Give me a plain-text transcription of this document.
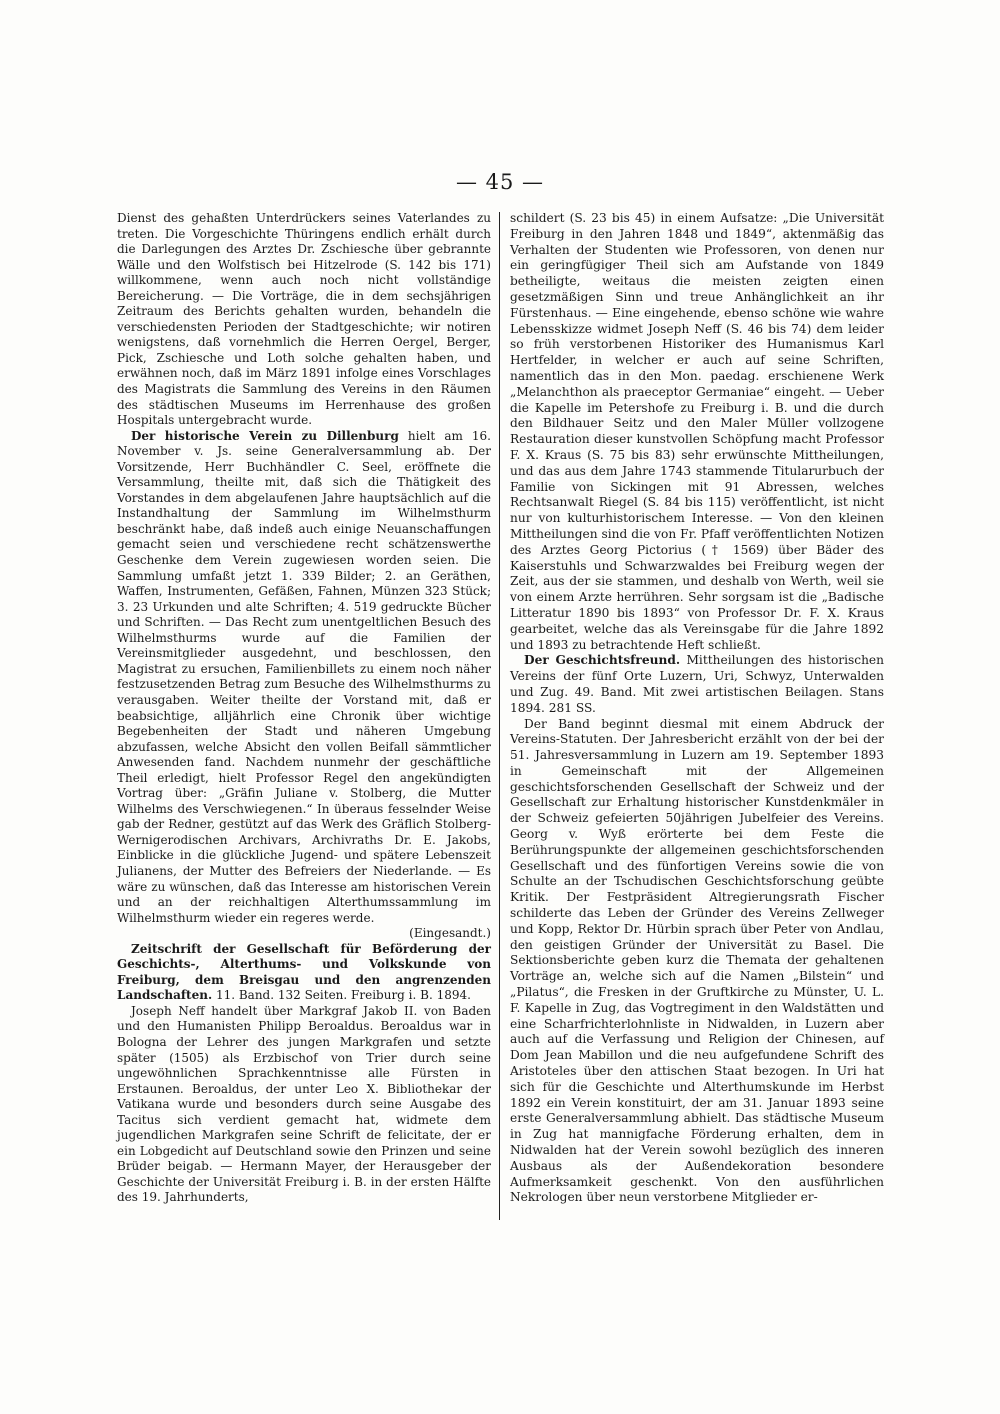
— 45 —

Dienst des gehaßten Unterdrückers seines Vaterlandes zu treten. Die Vorgeschichte Thüringens endlich erhält durch die Darlegungen des Arztes Dr. Zschiesche über gebrannte Wälle und den Wolfstisch bei Hitzelrode (S. 142 bis 171) willkommene, wenn auch noch nicht vollständige Bereicherung. — Die Vorträge, die in dem sechsjährigen Zeitraum des Berichts gehalten wurden, behandeln die verschiedensten Perioden der Stadtgeschichte; wir notiren wenigstens, daß vornehmlich die Herren Oergel, Berger, Pick, Zschiesche und Loth solche gehalten haben, und erwähnen noch, daß im März 1891 infolge eines Vorschlages des Magistrats die Sammlung des Vereins in den Räumen des städtischen Museums im Herrenhause des großen Hospitals untergebracht wurde.

Der historische Verein zu Dillenburg hielt am 16. November v. Js. seine Generalversammlung ab. Der Vorsitzende, Herr Buchhändler C. Seel, eröffnete die Versammlung, theilte mit, daß sich die Thätigkeit des Vorstandes in dem abgelaufenen Jahre hauptsächlich auf die Instandhaltung der Sammlung im Wilhelmsthurm beschränkt habe, daß indeß auch einige Neuanschaffungen gemacht seien und verschiedene recht schätzenswerthe Geschenke dem Verein zugewiesen worden seien. Die Sammlung umfaßt jetzt 1. 339 Bilder; 2. an Geräthen, Waffen, Instrumenten, Gefäßen, Fahnen, Münzen 323 Stück; 3. 23 Urkunden und alte Schriften; 4. 519 gedruckte Bücher und Schriften. — Das Recht zum unentgeltlichen Besuch des Wilhelmsthurms wurde auf die Familien der Vereinsmitglieder ausgedehnt, und beschlossen, den Magistrat zu ersuchen, Familienbillets zu einem noch näher festzusetzenden Betrag zum Besuche des Wilhelmsthurms zu verausgaben. Weiter theilte der Vorstand mit, daß er beabsichtige, alljährlich eine Chronik über wichtige Begebenheiten der Stadt und näheren Umgebung abzufassen, welche Absicht den vollen Beifall sämmtlicher Anwesenden fand. Nachdem nunmehr der geschäftliche Theil erledigt, hielt Professor Regel den angekündigten Vortrag über: „Gräfin Juliane v. Stolberg, die Mutter Wilhelms des Verschwiegenen.“ In überaus fesselnder Weise gab der Redner, gestützt auf das Werk des Gräflich Stolberg-Wernigerodischen Archivars, Archivraths Dr. E. Jakobs, Einblicke in die glückliche Jugend- und spätere Lebenszeit Julianens, der Mutter des Befreiers der Niederlande. — Es wäre zu wünschen, daß das Interesse am historischen Verein und an der reichhaltigen Alterthumssammlung im Wilhelmsthurm wieder ein regeres werde.

(Eingesandt.)

Zeitschrift der Gesellschaft für Beförderung der Geschichts-, Alterthums- und Volkskunde von Freiburg, dem Breisgau und den angrenzenden Landschaften. 11. Band. 132 Seiten. Freiburg i. B. 1894.

Joseph Neff handelt über Markgraf Jakob II. von Baden und den Humanisten Philipp Beroaldus. Beroaldus war in Bologna der Lehrer des jungen Markgrafen und setzte später (1505) als Erzbischof von Trier durch seine ungewöhnlichen Sprachkenntnisse alle Fürsten in Erstaunen. Beroaldus, der unter Leo X. Bibliothekar der Vatikana wurde und besonders durch seine Ausgabe des Tacitus sich verdient gemacht hat, widmete dem jugendlichen Markgrafen seine Schrift de felicitate, der er ein Lobgedicht auf Deutschland sowie den Prinzen und seine Brüder beigab. — Hermann Mayer, der Herausgeber der Geschichte der Universität Freiburg i. B. in der ersten Hälfte des 19. Jahrhunderts,

schildert (S. 23 bis 45) in einem Aufsatze: „Die Universität Freiburg in den Jahren 1848 und 1849“, aktenmäßig das Verhalten der Studenten wie Professoren, von denen nur ein geringfügiger Theil sich am Aufstande von 1849 betheiligte, weitaus die meisten zeigten einen gesetzmäßigen Sinn und treue Anhänglichkeit an ihr Fürstenhaus. — Eine eingehende, ebenso schöne wie wahre Lebensskizze widmet Joseph Neff (S. 46 bis 74) dem leider so früh verstorbenen Historiker des Humanismus Karl Hertfelder, in welcher er auch auf seine Schriften, namentlich das in den Mon. paedag. erschienene Werk „Melanchthon als praeceptor Germaniae“ eingeht. — Ueber die Kapelle im Petershofe zu Freiburg i. B. und die durch den Bildhauer Seitz und den Maler Müller vollzogene Restauration dieser kunstvollen Schöpfung macht Professor F. X. Kraus (S. 75 bis 83) sehr erwünschte Mittheilungen, und das aus dem Jahre 1743 stammende Titularurbuch der Familie von Sickingen mit 91 Abressen, welches Rechtsanwalt Riegel (S. 84 bis 115) veröffentlicht, ist nicht nur von kulturhistorischem Interesse. — Von den kleinen Mittheilungen sind die von Fr. Pfaff veröffentlichten Notizen des Arztes Georg Pictorius († 1569) über Bäder des Kaiserstuhls und Schwarzwaldes bei Freiburg wegen der Zeit, aus der sie stammen, und deshalb von Werth, weil sie von einem Arzte herrühren. Sehr sorgsam ist die „Badische Litteratur 1890 bis 1893“ von Professor Dr. F. X. Kraus gearbeitet, welche das als Vereinsgabe für die Jahre 1892 und 1893 zu betrachtende Heft schließt.

Der Geschichtsfreund. Mittheilungen des historischen Vereins der fünf Orte Luzern, Uri, Schwyz, Unterwalden und Zug. 49. Band. Mit zwei artistischen Beilagen. Stans 1894. 281 SS.

Der Band beginnt diesmal mit einem Abdruck der Vereins-Statuten. Der Jahresbericht erzählt von der bei der 51. Jahresversammlung in Luzern am 19. September 1893 in Gemeinschaft mit der Allgemeinen geschichtsforschenden Gesellschaft der Schweiz und der Gesellschaft zur Erhaltung historischer Kunstdenkmäler in der Schweiz gefeierten 50jährigen Jubelfeier des Vereins. Georg v. Wyß erörterte bei dem Feste die Berührungspunkte der allgemeinen geschichtsforschenden Gesellschaft und des fünfortigen Vereins sowie die von Schulte an der Tschudischen Geschichtsforschung geübte Kritik. Der Festpräsident Altregierungsrath Fischer schilderte das Leben der Gründer des Vereins Zellweger und Kopp, Rektor Dr. Hürbin sprach über Peter von Andlau, den geistigen Gründer der Universität zu Basel. Die Sektionsberichte geben kurz die Themata der gehaltenen Vorträge an, welche sich auf die Namen „Bilstein“ und „Pilatus“, die Fresken in der Gruftkirche zu Münster, U. L. F. Kapelle in Zug, das Vogtregiment in den Waldstätten und eine Scharfrichterlohnliste in Nidwalden, in Luzern aber auch auf die Verfassung und Religion der Chinesen, auf Dom Jean Mabillon und die neu aufgefundene Schrift des Aristoteles über den attischen Staat bezogen. In Uri hat sich für die Geschichte und Alterthumskunde im Herbst 1892 ein Verein konstituirt, der am 31. Januar 1893 seine erste Generalversammlung abhielt. Das städtische Museum in Zug hat mannigfache Förderung erhalten, dem in Nidwalden hat der Verein sowohl bezüglich des inneren Ausbaus als der Außendekoration besondere Aufmerksamkeit geschenkt. Von den ausführlichen Nekrologen über neun verstorbene Mitglieder er-
